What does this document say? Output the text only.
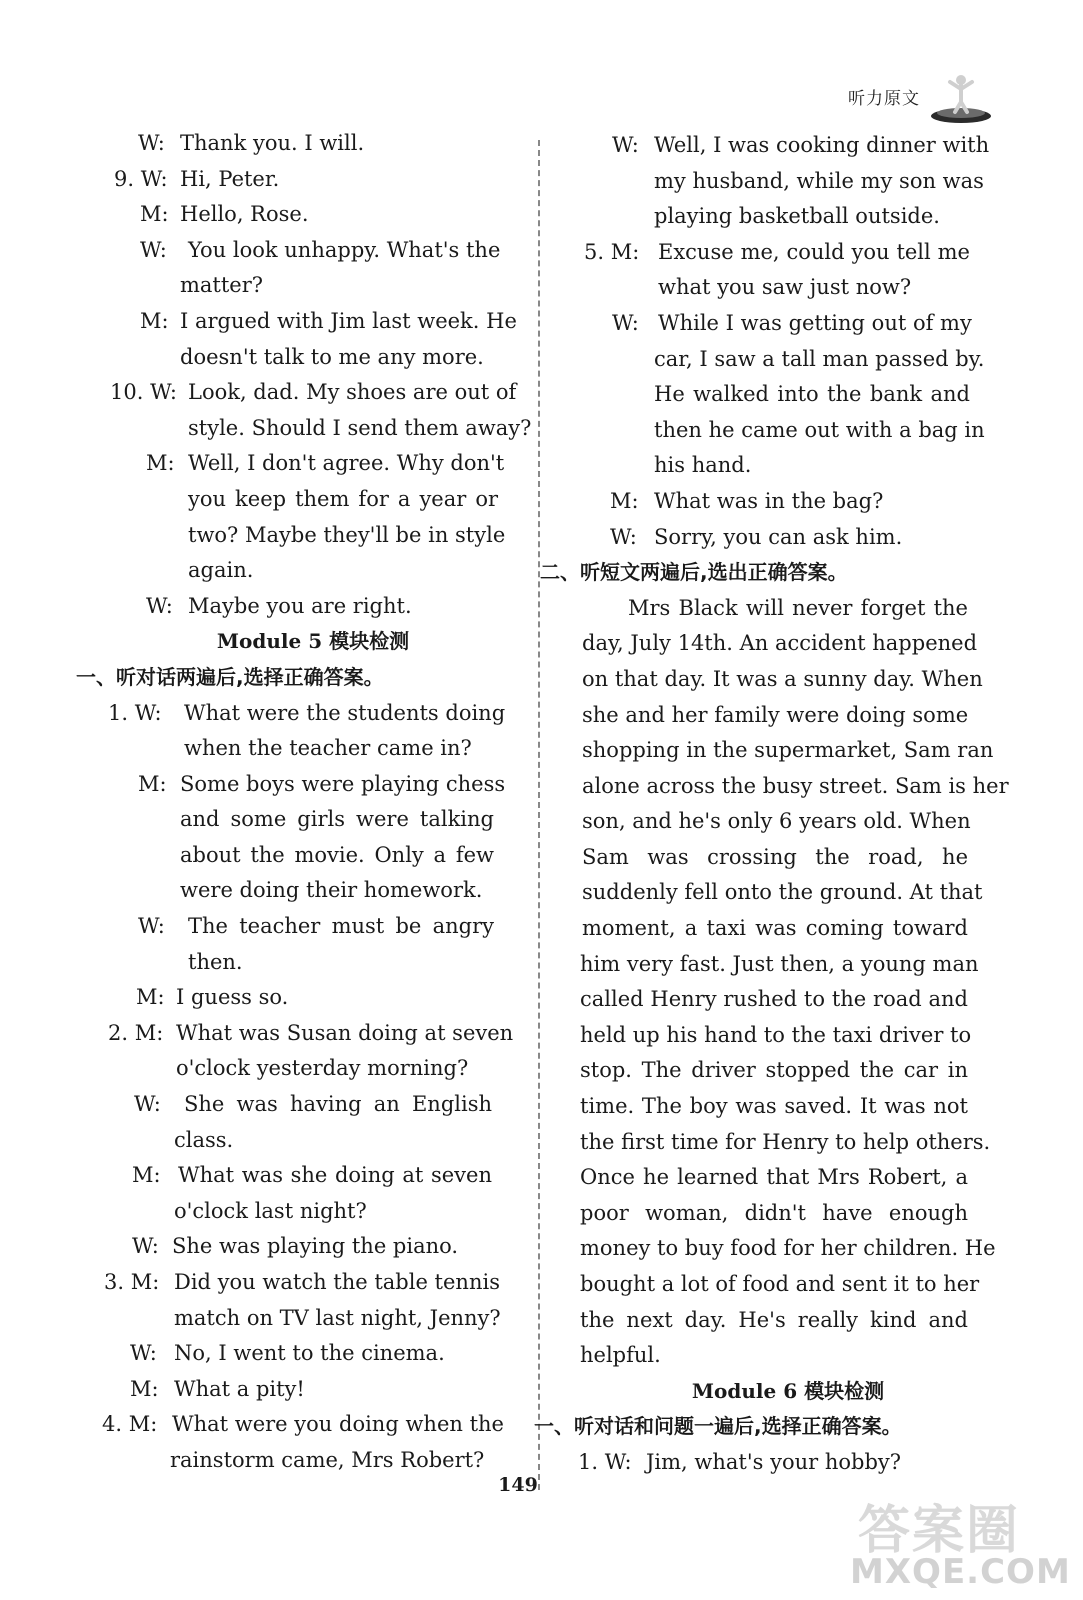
听力原文
W: Thank you. I will.
9. W: Hi, Peter.
M: Hello, Rose.
W: You look unhappy. What's the
matter?
M: I argued with Jim last week. He
doesn't talk to me any more.
10. W: Look, dad. My shoes are out of
style. Should I send them away?
M: Well, I don't agree. Why don't
you keep them for a year or
two? Maybe they'll be in style
again.
W: Maybe you are right.
Module 5 模块检测
一、听对话两遍后,选择正确答案。
1. W: What were the students doing
when the teacher came in?
M: Some boys were playing chess
and some girls were talking
about the movie. Only a few
were doing their homework.
W: The teacher must be angry
then.
M: I guess so.
2. M: What was Susan doing at seven
o'clock yesterday morning?
W: She was having an English
class.
M: What was she doing at seven
o'clock last night?
W: She was playing the piano.
3. M: Did you watch the table tennis
match on TV last night, Jenny?
W: No, I went to the cinema.
M: What a pity!
4. M: What were you doing when the
rainstorm came, Mrs Robert?
W: Well, I was cooking dinner with
my husband, while my son was
playing basketball outside.
5. M: Excuse me, could you tell me
what you saw just now?
W: While I was getting out of my
car, I saw a tall man passed by.
He walked into the bank and
then he came out with a bag in
his hand.
M: What was in the bag?
W: Sorry, you can ask him.
二、听短文两遍后,选出正确答案。
Mrs Black will never forget the
day, July 14th. An accident happened
on that day. It was a sunny day. When
she and her family were doing some
shopping in the supermarket, Sam ran
alone across the busy street. Sam is her
son, and he's only 6 years old. When
Sam was crossing the road, he
suddenly fell onto the ground. At that
moment, a taxi was coming toward
him very fast. Just then, a young man
called Henry rushed to the road and
held up his hand to the taxi driver to
stop. The driver stopped the car in
time. The boy was saved. It was not
the first time for Henry to help others.
Once he learned that Mrs Robert, a
poor woman, didn't have enough
money to buy food for her children. He
bought a lot of food and sent it to her
the next day. He's really kind and
helpful.
Module 6 模块检测
一、听对话和问题一遍后,选择正确答案。
1. W: Jim, what's your hobby?
149
答案圈
MXQE.COM
